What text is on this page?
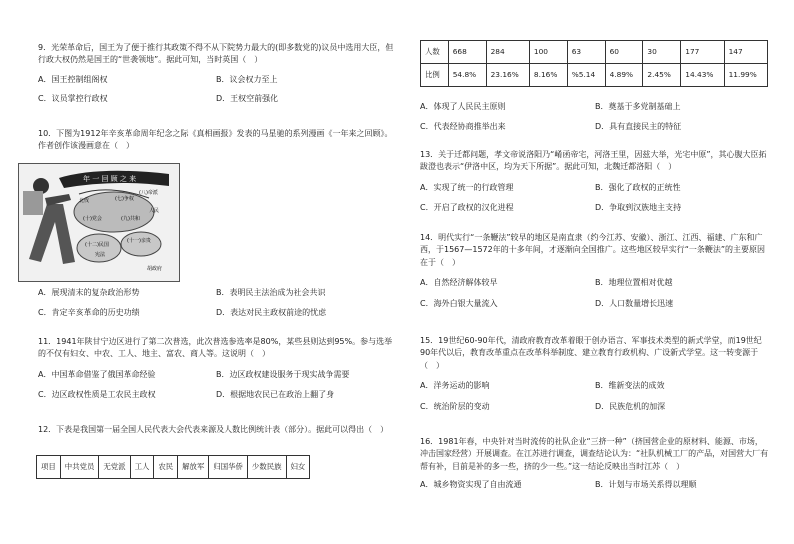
9．光荣革命后，国王为了便于推行其政策不得不从下院势力最大的(即多数党的)议员中选用大臣，但行政大权仍然是国王的“世袭领地”。据此可知，当时英国（　）
A．国王控制组阁权	B．议会权力至上
C．议员掌控行政权	D．王权空前强化
10．下图为1912年辛亥革命周年纪念之际《真相画报》发表的马星驰的系列漫画《一年来之回顾》。作者创作该漫画意在（　）
年 一 回 顾 之 来
北伐	(七)争权
(八)帝派
(十)党会	(九)共和
人民
(十二)民国
(十一)亲贵
宪法
胡政府
A．展现清末的复杂政治形势	B．表明民主法治成为社会共识
C．肯定辛亥革命的历史功绩	D．表达对民主政权前途的忧虑
11．1941年陕甘宁边区进行了第二次普选，此次普选参选率是80%，某些县则达到95%。参与选举的不仅有妇女、中农、工人、地主、富农、商人等。这说明（　）
A．中国革命借鉴了俄国革命经验	B．边区政权建设服务于现实战争需要
C．边区政权性质是工农民主政权	D．根据地农民已在政治上翻了身
12．下表是我国第一届全国人民代表大会代表来源及人数比例统计表（部分）。据此可以得出（　）
项目	中共党员	无党派	工人	农民	解放军	归国华侨	少数民族	妇女
人数	668	284	100	63	60	30	177	147
比例	54.8%	23.16%	8.16%	%5.14	4.89%	2.45%	14.43%	11.99%
A．体现了人民民主原则	B．奠基于多党制基础上
C．代表经协商推举出来	D．具有直接民主的特征
13．关于迁都问题，孝文帝说洛阳乃“崤函帝宅，河洛王里，因兹大举，光宅中原”，其心腹大臣拓跋澄也表示“伊洛中区，均为天下所据”。据此可知，北魏迁都洛阳（　）
A．实现了统一的行政管理	B．强化了政权的正统性
C．开启了政权的汉化进程	D．争取到汉族地主支持
14．明代实行“一条鞭法”较早的地区是南直隶（约今江苏、安徽）、浙江、江西、福建、广东和广西，于1567—1572年的十多年间，才逐渐向全国推广。这些地区较早实行“一条鞭法”的主要原因在于（　）
A．自然经济解体较早	B．地理位置相对优越
C．海外白银大量流入	D．人口数量增长迅速
15．19世纪60-90年代，清政府教育改革着眼于创办语言、军事技术类型的新式学堂，而19世纪90年代以后，教育改革重点在改革科举制度、建立教育行政机构、广设新式学堂。这一转变源于（　）
A．洋务运动的影响	B．维新变法的成效
C．统治阶层的变动	D．民族危机的加深
16．1981年春，中央针对当时流传的社队企业“三挤一种”（挤国营企业的原材料、能源、市场，冲击国家经营）开展调查。在江苏进行调查，调查结论认为：“社队机械工厂的产品，对国营大厂有帮有补，目前是补的多一些，挤的少一些。”这一结论反映出当时江苏（　）
A．城乡物资实现了自由流通	B．计划与市场关系得以理顺
